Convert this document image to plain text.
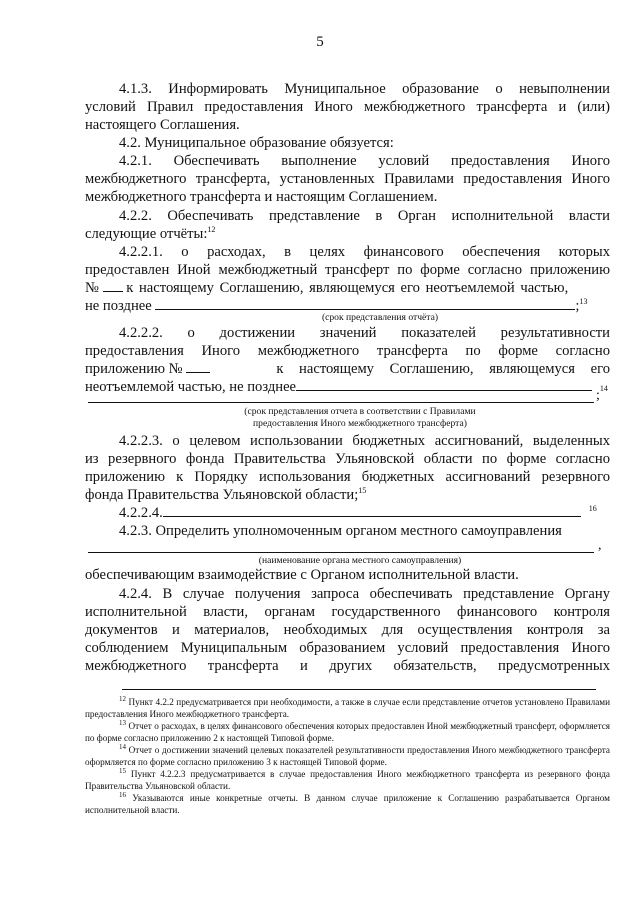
5
4.1.3. Информировать Муниципальное образование о невыполнении
условий Правил предоставления Иного межбюджетного трансферта и (или)
настоящего Соглашения.
4.2. Муниципальное образование обязуется:
4.2.1. Обеспечивать выполнение условий предоставления Иного
межбюджетного трансферта, установленных Правилами предоставления Иного
межбюджетного трансферта и настоящим Соглашением.
4.2.2. Обеспечивать представление в Орган исполнительной власти
следующие отчёты:$^{12}$
4.2.2.1. о расходах, в целях финансового обеспечения которых
предоставлен Иной межбюджетный трансферт по форме согласно приложению
№ к настоящему Соглашению, являющемуся его неотъемлемой частью,
не позднее	;$^{13}$
(срок представления отчёта)
4.2.2.2. о достижении значений показателей результативности
предоставления Иного межбюджетного трансферта по форме согласно
приложению №	к настоящему Соглашению, являющемуся его
неотъемлемой частью, не позднее
;$^{14}$
(срок представления отчета в соответствии с Правилами
предоставления Иного межбюджетного трансферта)
4.2.2.3. о целевом использовании бюджетных ассигнований, выделенных
из резервного фонда Правительства Ульяновской области по форме согласно
приложению к Порядку использования бюджетных ассигнований резервного
фонда Правительства Ульяновской области;$^{15}$
4.2.2.4.	$^{16}$
4.2.3. Определить уполномоченным органом местного самоуправления
,
(наименование органа местного самоуправления)
обеспечивающим взаимодействие с Органом исполнительной власти.
4.2.4. В случае получения запроса обеспечивать представление Органу
исполнительной власти, органам государственного финансового контроля
документов и материалов, необходимых для осуществления контроля за
соблюдением Муниципальным образованием условий предоставления Иного
межбюджетного трансферта и других обязательств, предусмотренных
$^{12}$ Пункт 4.2.2 предусматривается при необходимости, а также в случае если представление отчетов установлено Правилами предоставления Иного межбюджетного трансферта.
$^{13}$ Отчет о расходах, в целях финансового обеспечения которых предоставлен Иной межбюджетный трансферт, оформляется по форме согласно приложению 2 к настоящей Типовой форме.
$^{14}$ Отчет о достижении значений целевых показателей результативности предоставления Иного межбюджетного трансферта оформляется по форме согласно приложению 3 к настоящей Типовой форме.
$^{15}$ Пункт 4.2.2.3 предусматривается в случае предоставления Иного межбюджетного трансферта из резервного фонда Правительства Ульяновской области.
$^{16}$ Указываются иные конкретные отчеты. В данном случае приложение к Соглашению разрабатывается Органом исполнительной власти.
